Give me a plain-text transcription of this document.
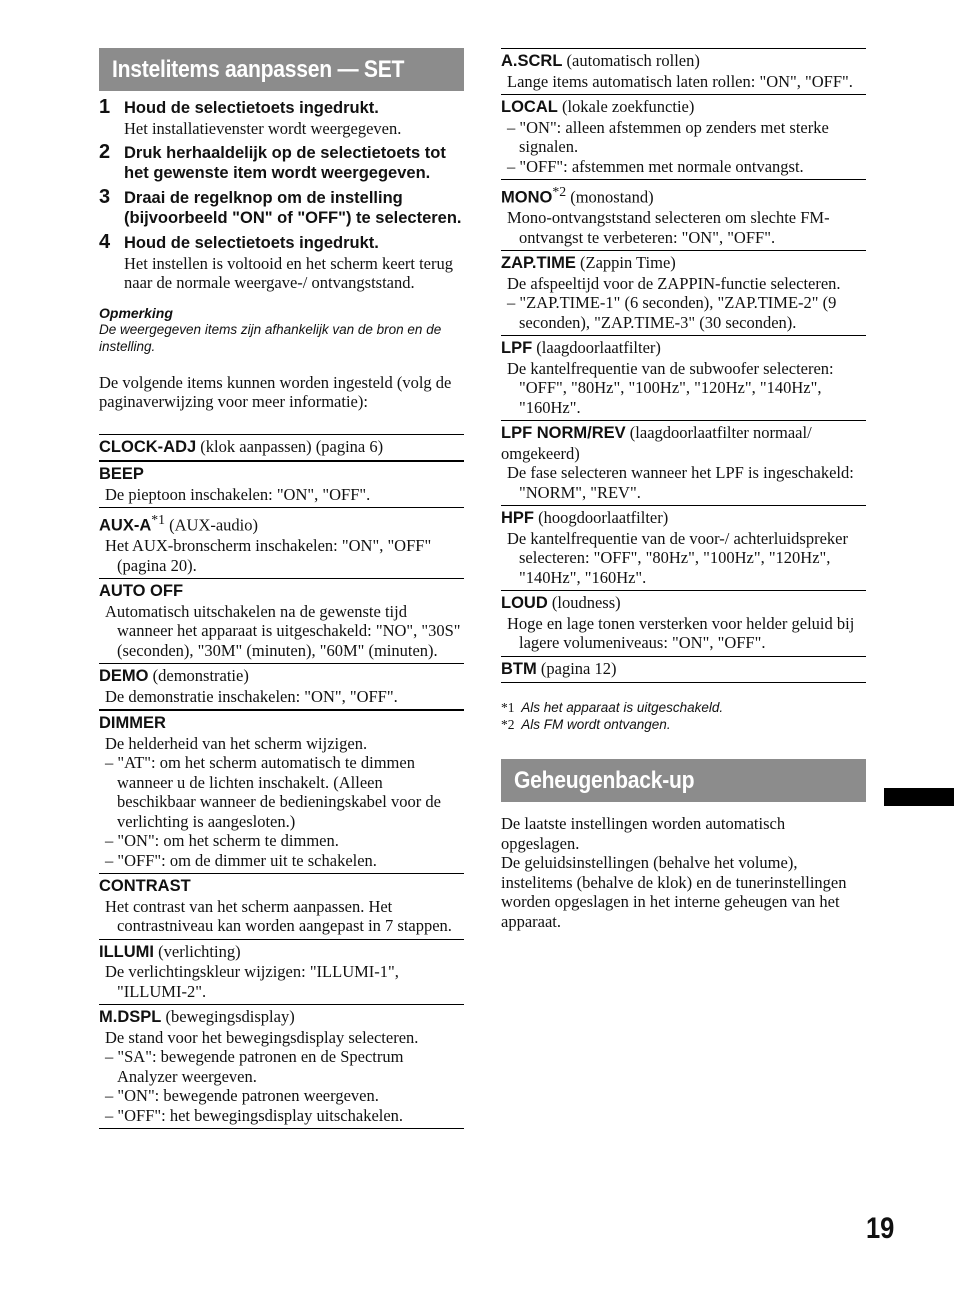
Instelitems aanpassen — SET
1 Houd de selectietoets ingedrukt.
Het installatievenster wordt weergegeven.
2 Druk herhaaldelijk op de selectietoets tot het gewenste item wordt weergegeven.
3 Draai de regelknop om de instelling (bijvoorbeeld "ON" of "OFF") te selecteren.
4 Houd de selectietoets ingedrukt.
Het instellen is voltooid en het scherm keert terug naar de normale weergave-/ ontvangststand.
Opmerking
De weergegeven items zijn afhankelijk van de bron en de instelling.
De volgende items kunnen worden ingesteld (volg de paginaverwijzing voor meer informatie):
CLOCK-ADJ (klok aanpassen) (pagina 6)
BEEP
De pieptoon inschakelen: "ON", "OFF".
AUX-$A^{*1}$ (AUX-audio)
Het AUX-bronscherm inschakelen: "ON", "OFF" (pagina 20).
AUTO OFF
Automatisch uitschakelen na de gewenste tijd wanneer het apparaat is uitgeschakeld: "NO", "30S" (seconden), "30M" (minuten), "60M" (minuten).
DEMO (demonstratie)
De demonstratie inschakelen: "ON", "OFF".
DIMMER
De helderheid van het scherm wijzigen.
– "AT": om het scherm automatisch te dimmen wanneer u de lichten inschakelt. (Alleen beschikbaar wanneer de bedieningskabel voor de verlichting is aangesloten.)
– "ON": om het scherm te dimmen.
– "OFF": om de dimmer uit te schakelen.
CONTRAST
Het contrast van het scherm aanpassen. Het contrastniveau kan worden aangepast in 7 stappen.
ILLUMI (verlichting)
De verlichtingskleur wijzigen: "ILLUMI-1", "ILLUMI-2".
M.DSPL (bewegingsdisplay)
De stand voor het bewegingsdisplay selecteren.
– "SA": bewegende patronen en de Spectrum Analyzer weergeven.
– "ON": bewegende patronen weergeven.
– "OFF": het bewegingsdisplay uitschakelen.
A.SCRL (automatisch rollen)
Lange items automatisch laten rollen: "ON", "OFF".
LOCAL (lokale zoekfunctie)
– "ON": alleen afstemmen op zenders met sterke signalen.
– "OFF": afstemmen met normale ontvangst.
MONO$^{*2}$ (monostand)
Mono-ontvangststand selecteren om slechte FM-ontvangst te verbeteren: "ON", "OFF".
ZAP.TIME (Zappin Time)
De afspeeltijd voor de ZAPPIN-functie selecteren.
– "ZAP.TIME-1" (6 seconden), "ZAP.TIME-2" (9 seconden), "ZAP.TIME-3" (30 seconden).
LPF (laagdoorlaatfilter)
De kantelfrequentie van de subwoofer selecteren: "OFF", "80Hz", "100Hz", "120Hz", "140Hz", "160Hz".
LPF NORM/REV (laagdoorlaatfilter normaal/ omgekeerd)
De fase selecteren wanneer het LPF is ingeschakeld: "NORM", "REV".
HPF (hoogdoorlaatfilter)
De kantelfrequentie van de voor-/ achterluidspreker selecteren: "OFF", "80Hz", "100Hz", "120Hz", "140Hz", "160Hz".
LOUD (loudness)
Hoge en lage tonen versterken voor helder geluid bij lagere volumeniveaus: "ON", "OFF".
BTM (pagina 12)
*1 Als het apparaat is uitgeschakeld.
*2 Als FM wordt ontvangen.
Geheugenback-up
De laatste instellingen worden automatisch opgeslagen.
De geluidsinstellingen (behalve het volume), instelitems (behalve de klok) en de tunerinstellingen worden opgeslagen in het interne geheugen van het apparaat.
19
